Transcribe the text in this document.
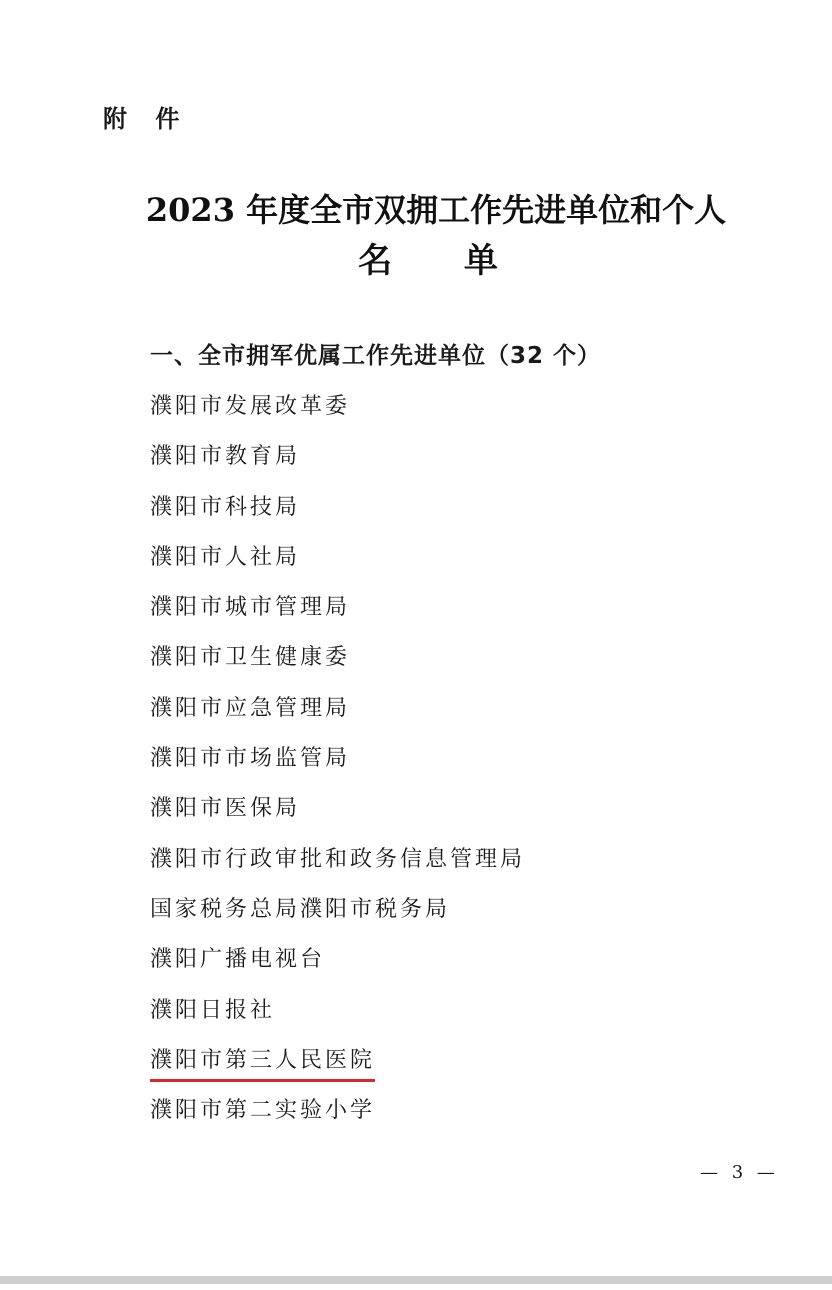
附 件
2023 年度全市双拥工作先进单位和个人
名 单
一、全市拥军优属工作先进单位（32 个）
濮阳市发展改革委
濮阳市教育局
濮阳市科技局
濮阳市人社局
濮阳市城市管理局
濮阳市卫生健康委
濮阳市应急管理局
濮阳市市场监管局
濮阳市医保局
濮阳市行政审批和政务信息管理局
国家税务总局濮阳市税务局
濮阳广播电视台
濮阳日报社
濮阳市第三人民医院
濮阳市第二实验小学
— 3 —
